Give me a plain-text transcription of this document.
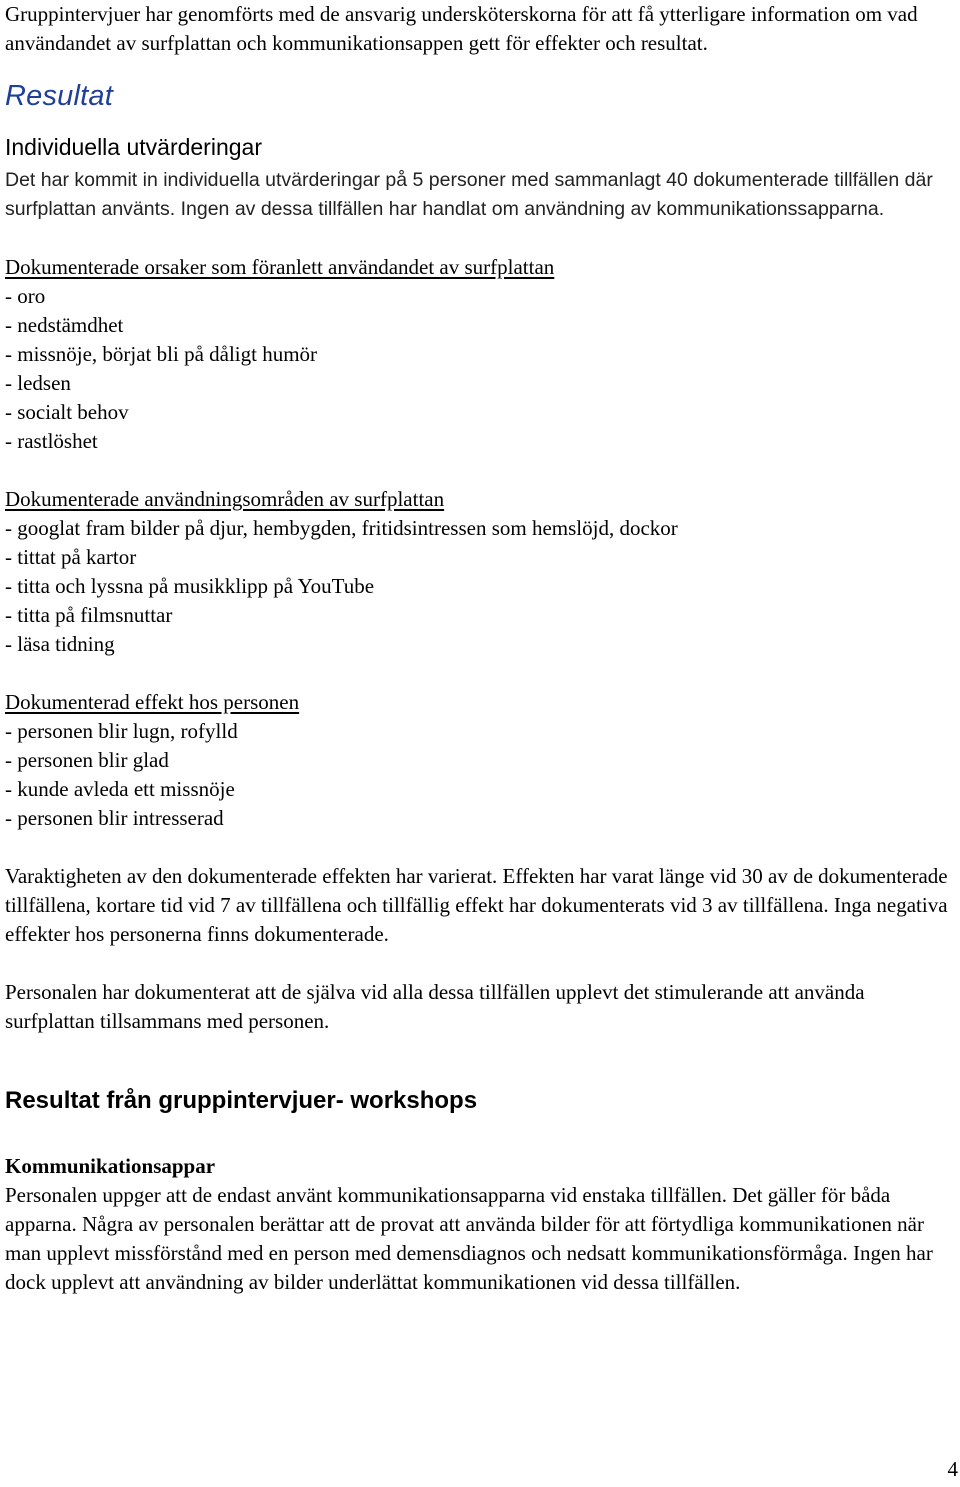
Gruppintervjuer har genomförts med de ansvarig undersköterskorna för att få ytterligare information om vad användandet av surfplattan och kommunikationsappen gett för effekter och resultat.

Resultat
Individuella utvärderingar

Det har kommit in individuella utvärderingar på 5 personer med sammanlagt 40 dokumenterade tillfällen där surfplattan använts. Ingen av dessa tillfällen har handlat om användning av kommunikationssapparna.

Dokumenterade orsaker som föranlett användandet av surfplattan
- oro
- nedstämdhet
- missnöje, börjat bli på dåligt humör
- ledsen
- socialt behov
- rastlöshet
Dokumenterade användningsområden av surfplattan
- googlat fram bilder på djur, hembygden, fritidsintressen som hemslöjd, dockor
- tittat på kartor
- titta och lyssna på musikklipp på YouTube
- titta på filmsnuttar
- läsa tidning
Dokumenterad effekt hos personen
- personen blir lugn, rofylld
- personen blir glad
- kunde avleda ett missnöje
- personen blir intresserad

Varaktigheten av den dokumenterade effekten har varierat. Effekten har varat länge vid 30 av de dokumenterade tillfällena, kortare tid vid 7 av tillfällena och tillfällig effekt har dokumenterats vid 3 av tillfällena. Inga negativa effekter hos personerna finns dokumenterade.

Personalen har dokumenterat att de själva vid alla dessa tillfällen upplevt det stimulerande att använda surfplattan tillsammans med personen.

Resultat från gruppintervjuer- workshops
Kommunikationsappar

Personalen uppger att de endast använt kommunikationsapparna vid enstaka tillfällen. Det gäller för båda apparna. Några av personalen berättar att de provat att använda bilder för att förtydliga kommunikationen när man upplevt missförstånd med en person med demensdiagnos och nedsatt kommunikationsförmåga. Ingen har dock upplevt att användning av bilder underlättat kommunikationen vid dessa tillfällen.

4
